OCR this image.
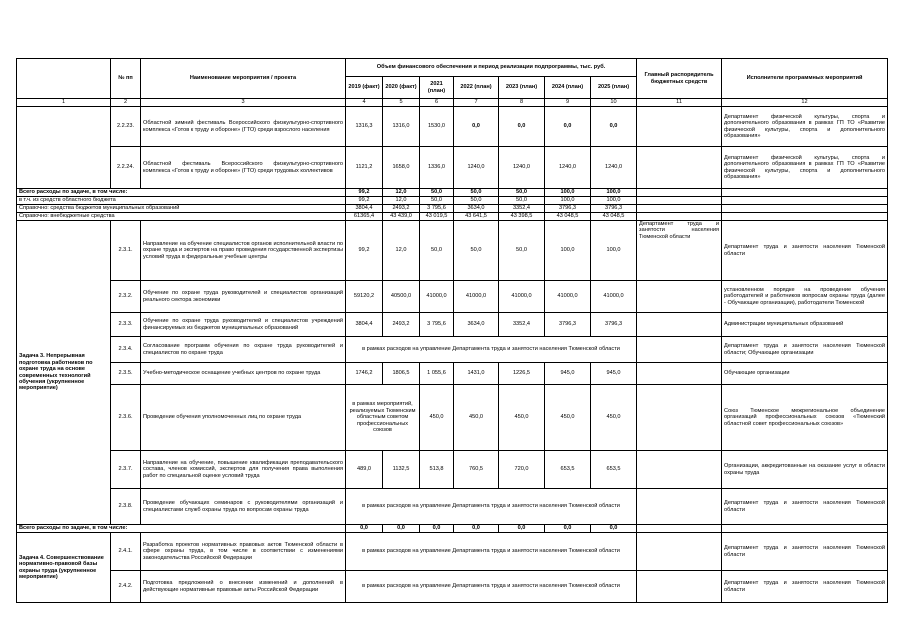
	№ пп	Наименование мероприятия / проекта	Объем финансового обеспечения и период реализации подпрограммы, тыс. руб.							Главный распорядитель бюджетных средств	Исполнители программных мероприятий
			2019 (факт)	2020 (факт)	2021 (план)	2022 (план)	2023 (план)	2024 (план)	2025 (план)		
1	2	3	4	5	6	7	8	9	10	11	12
	2.2.23.	Областной зимний фестиваль Всероссийского физкультурно-спортивного комплекса «Готов к труду и обороне» (ГТО) среди взрослого населения	1316,3	1316,0	1530,0	0,0	0,0	0,0	0,0		Департамент физической культуры, спорта и дополнительного образования в рамках ГП ТО «Развитие физической культуры, спорта и дополнительного образования»
	2.2.24.	Областной фестиваль Всероссийского физкультурно-спортивного комплекса «Готов к труду и обороне» (ГТО) среди трудовых коллективов	1121,2	1658,0	1336,0	1240,0	1240,0	1240,0	1240,0		Департамент физической культуры, спорта и дополнительного образования в рамках ГП ТО «Развитие физической культуры, спорта и дополнительного образования»
Всего расходы по задаче, в том числе:			99,2	12,0	50,0	50,0	50,0	100,0	100,0		
в т.ч. из средств областного бюджета			99,2	12,0	50,0	50,0	50,0	100,0	100,0		
Справочно: средства бюджетов муниципальных образований			3804,4	2493,2	3 795,6	3634,0	3352,4	3796,3	3796,3		
Справочно: внебюджетные средства			61365,4	43 439,0	43 019,5	43 641,5	43 398,5	43 048,5	43 048,5		
Задача 3. Непрерывная подготовка работников по охране труда на основе современных технологий обучения (укрупненное мероприятие)	2.3.1.	Направление на обучение специалистов органов исполнительной власти по охране труда и экспертов на право проведения государственной экспертизы условий труда в федеральные учебные центры	99,2	12,0	50,0	50,0	50,0	100,0	100,0	Департамент труда и занятости населения Тюменской области	Департамент труда и занятости населения Тюменской области
	2.3.2.	Обучение по охране труда руководителей и специалистов организаций реального сектора экономики	59120,2	40500,0	41000,0	41000,0	41000,0	41000,0	41000,0		установленном порядке на проведение обучения работодателей и работников вопросам охраны труда (далее - Обучающие организации), работодатели Тюменской
	2.3.3.	Обучение по охране труда руководителей и специалистов учреждений финансируемых из бюджетов муниципальных образований	3804,4	2493,2	3 795,6	3634,0	3352,4	3796,3	3796,3		Администрации муниципальных образований
	2.3.4.	Согласование программ обучения по охране труда руководителей и специалистов по охране труда	в рамках расходов на управление Департамента труда и занятости населения Тюменской области								Департамент труда и занятости населения Тюменской области; Обучающие организации
	2.3.5.	Учебно-методическое оснащение учебных центров по охране труда	1746,2	1806,5	1 055,6	1431,0	1226,5	945,0	945,0		Обучающие организации
	2.3.6.	Проведение обучения уполномоченных лиц по охране труда	в рамках мероприятий, реализуемых Тюменским областным советом профессиональных союзов		450,0	450,0	450,0	450,0	450,0		Союз Тюменское межрегиональное объединение организаций профессиональных союзов «Тюменский областной совет профессиональных союзов»
	2.3.7.	Направление на обучение, повышение квалификации преподавательского состава, членов комиссий, экспертов для получения права выполнения работ по специальной оценке условий труда	489,0	1132,5	513,8	760,5	720,0	653,5	653,5		Организации, аккредитованные на оказание услуг в области охраны труда
	2.3.8.	Проведение обучающих семинаров с руководителями организаций и специалистами служб охраны труда по вопросам охраны труда	в рамках расходов на управление Департамента труда и занятости населения Тюменской области								Департамент труда и занятости населения Тюменской области
Всего расходы по задаче, в том числе:			0,0	0,0	0,0	0,0	0,0	0,0	0,0		
Задача 4. Совершенствование нормативно-правовой базы охраны труда (укрупненное мероприятие)	2.4.1.	Разработка проектов нормативных правовых актов Тюменской области в сфере охраны труда, в том числе в соответствии с изменениями законодательства Российской Федерации	в рамках расходов на управление Департамента труда и занятости населения Тюменской области								Департамент труда и занятости населения Тюменской области
	2.4.2.	Подготовка предложений о внесении изменений и дополнений в действующие нормативные правовые акты Российской Федерации	в рамках расходов на управление Департамента труда и занятости населения Тюменской области								Департамент труда и занятости населения Тюменской области
